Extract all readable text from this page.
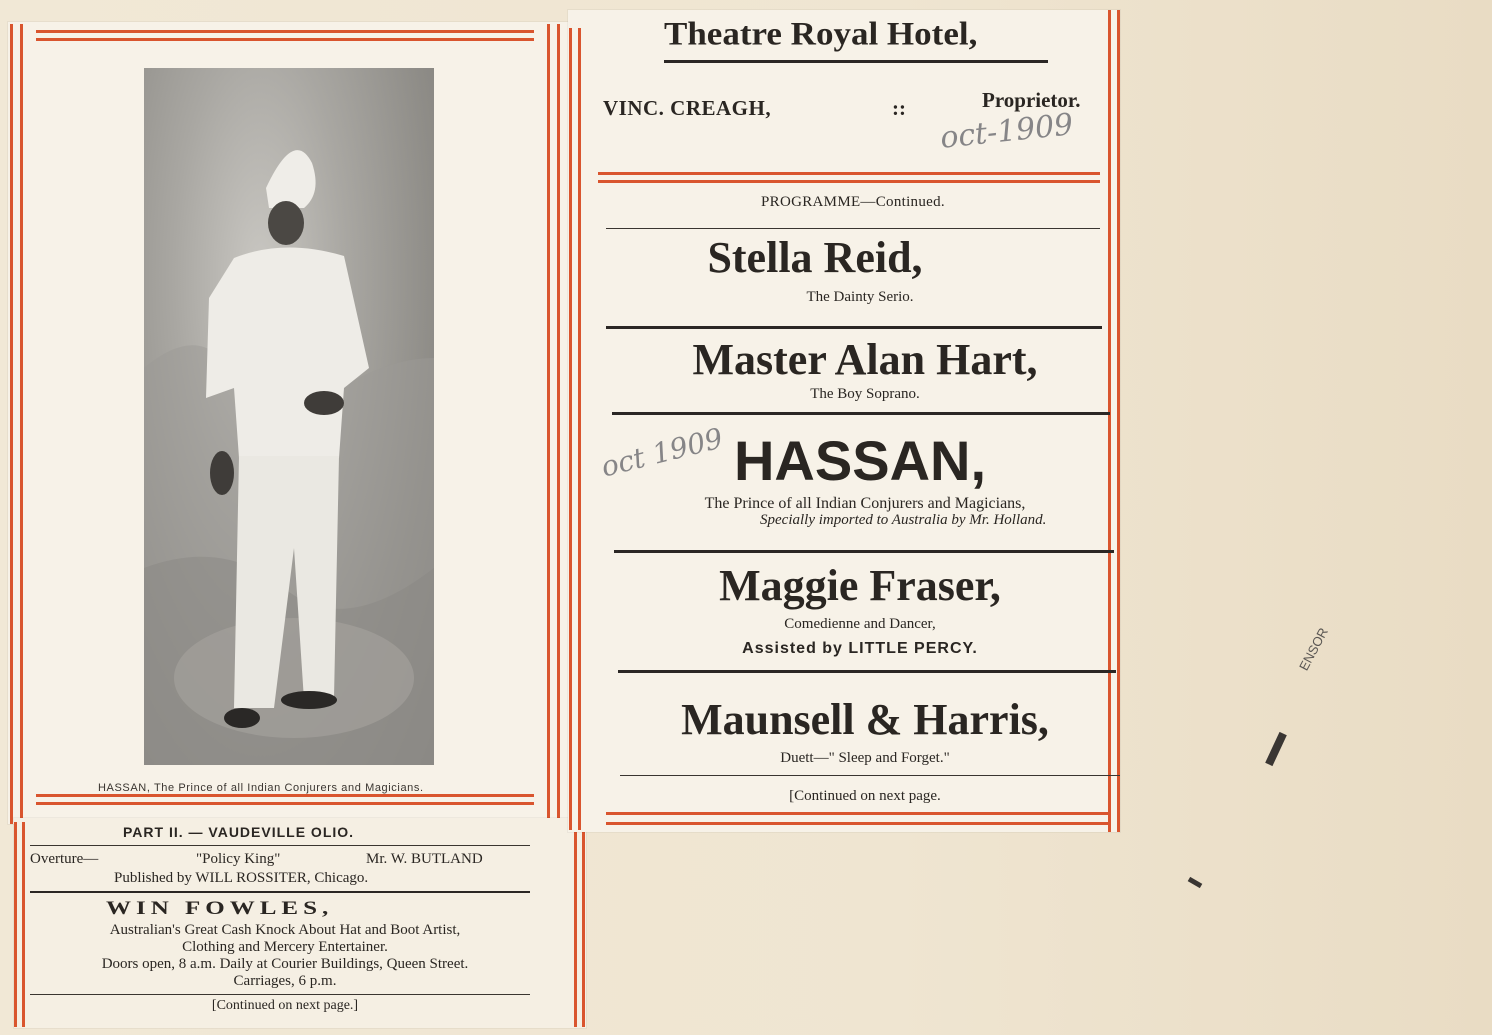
HASSAN, The Prince of all Indian Conjurers and Magicians.
PART II. — VAUDEVILLE OLIO.
Overture—	"Policy King"	Mr. W. BUTLAND
Published by WILL ROSSITER, Chicago.
WIN FOWLES,
Australian's Great Cash Knock About Hat and Boot Artist,
Clothing and Mercery Entertainer.
Doors open, 8 a.m. Daily at Courier Buildings, Queen Street.
Carriages, 6 p.m.
[Continued on next page.]
Theatre Royal Hotel,
VINC. CREAGH,	::	Proprietor.
oct-1909
PROGRAMME—Continued.
Stella Reid,
The Dainty Serio.
Master Alan Hart,
The Boy Soprano.
oct 1909 HASSAN,
The Prince of all Indian Conjurers and Magicians,
Specially imported to Australia by Mr. Holland.
Maggie Fraser,
Comedienne and Dancer,
Assisted by LITTLE PERCY.
Maunsell & Harris,
Duett—" Sleep and Forget."
[Continued on next page.
ENSOR
